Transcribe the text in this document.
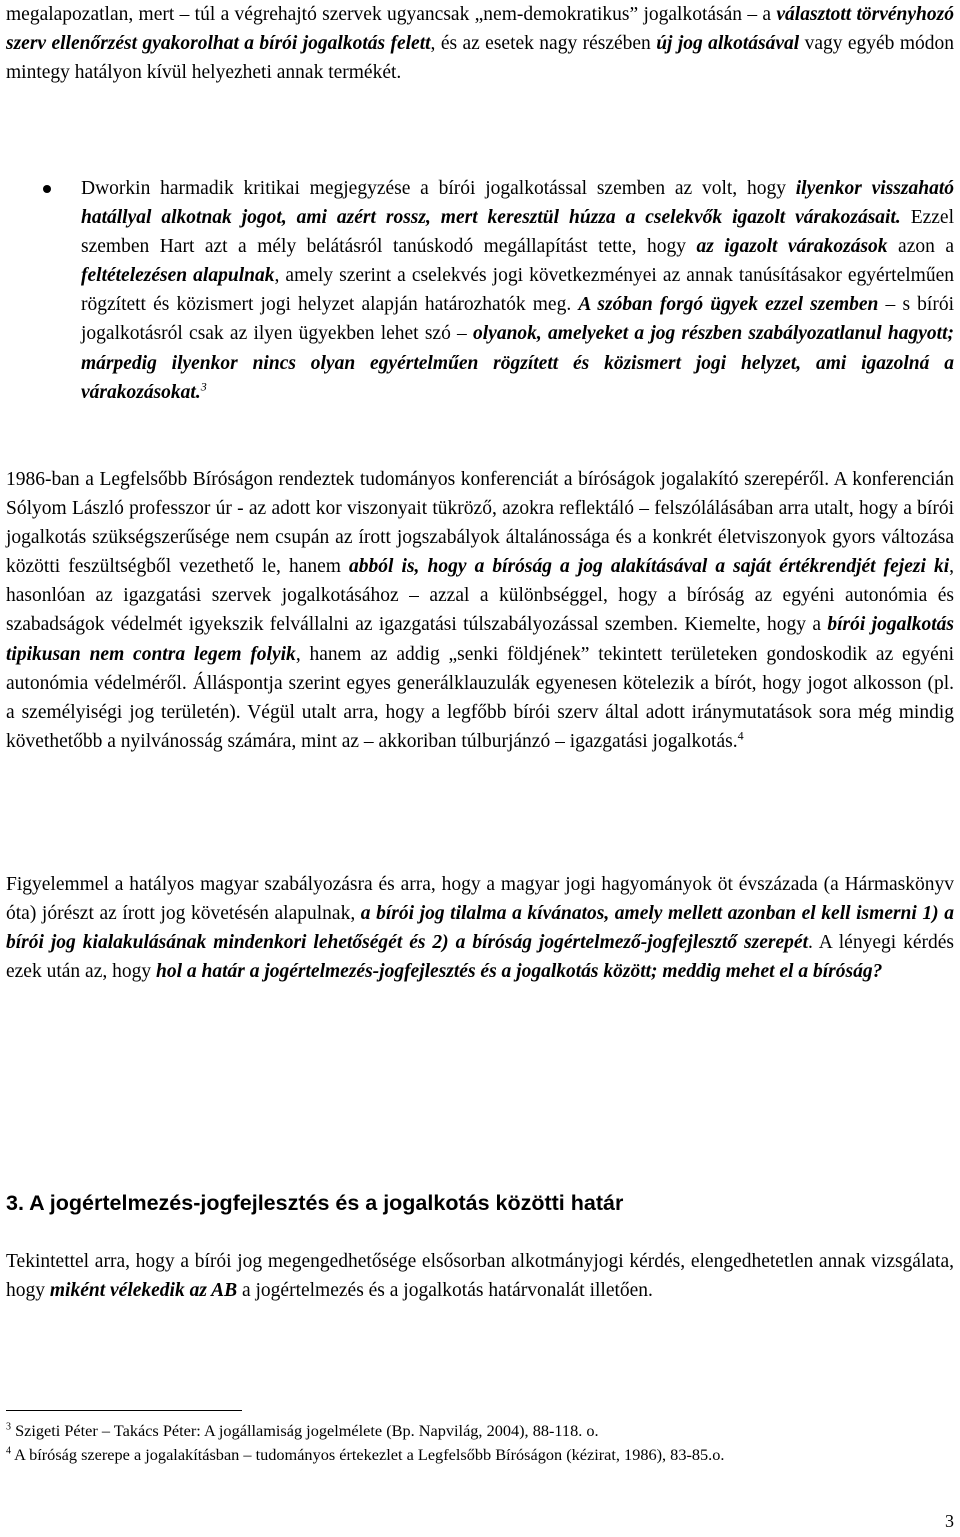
megalapozatlan, mert ‒ túl a végrehajtó szervek ugyancsak „nem-demokratikus” jogalkotásán ‒ a választott törvényhozó szerv ellenőrzést gyakorolhat a bírói jogalkotás felett, és az esetek nagy részében új jog alkotásával vagy egyéb módon mintegy hatályon kívül helyezheti annak termékét.

Dworkin harmadik kritikai megjegyzése a bírói jogalkotással szemben az volt, hogy ilyenkor visszaható hatállyal alkotnak jogot, ami azért rossz, mert keresztül húzza a cselekvők igazolt várakozásait. Ezzel szemben Hart azt a mély belátásról tanúskodó megállapítást tette, hogy az igazolt várakozások azon a feltételezésen alapulnak, amely szerint a cselekvés jogi következményei az annak tanúsításakor egyértelműen rögzített és közismert jogi helyzet alapján határozhatók meg. A szóban forgó ügyek ezzel szemben ‒ s bírói jogalkotásról csak az ilyen ügyekben lehet szó ‒ olyanok, amelyeket a jog részben szabályozatlanul hagyott; márpedig ilyenkor nincs olyan egyértelműen rögzített és közismert jogi helyzet, ami igazolná a várakozásokat.$^3$

1986-ban a Legfelsőbb Bíróságon rendeztek tudományos konferenciát a bíróságok jogalakító szerepéről. A konferencián Sólyom László professzor úr - az adott kor viszonyait tükröző, azokra reflektáló ‒ felszólálásában arra utalt, hogy a bírói jogalkotás szükségszerűsége nem csupán az írott jogszabályok általánossága és a konkrét életviszonyok gyors változása közötti feszültségből vezethető le, hanem abból is, hogy a bíróság a jog alakításával a saját értékrendjét fejezi ki, hasonlóan az igazgatási szervek jogalkotásához ‒ azzal a különbséggel, hogy a bíróság az egyéni autonómia és szabadságok védelmét igyekszik felvállalni az igazgatási túlszabályozással szemben. Kiemelte, hogy a bírói jogalkotás tipikusan nem contra legem folyik, hanem az addig „senki földjének” tekintett területeken gondoskodik az egyéni autonómia védelméről. Álláspontja szerint egyes generálklauzulák egyenesen kötelezik a bírót, hogy jogot alkosson (pl. a személyiségi jog területén). Végül utalt arra, hogy a legfőbb bírói szerv által adott iránymutatások sora még mindig követhetőbb a nyilvánosság számára, mint az ‒ akkoriban túlburjánzó ‒ igazgatási jogalkotás.$^4$

Figyelemmel a hatályos magyar szabályozásra és arra, hogy a magyar jogi hagyományok öt évszázada (a Hármaskönyv óta) jórészt az írott jog követésén alapulnak, a bírói jog tilalma a kívánatos, amely mellett azonban el kell ismerni 1) a bírói jog kialakulásának mindenkori lehetőségét és 2) a bíróság jogértelmező-jogfejlesztő szerepét. A lényegi kérdés ezek után az, hogy hol a határ a jogértelmezés-jogfejlesztés és a jogalkotás között; meddig mehet el a bíróság?

3. A jogértelmezés-jogfejlesztés és a jogalkotás közötti határ

Tekintettel arra, hogy a bírói jog megengedhetősége elsősorban alkotmányjogi kérdés, elengedhetetlen annak vizsgálata, hogy miként vélekedik az AB a jogértelmezés és a jogalkotás határvonalát illetően.

$^3$ Szigeti Péter ‒ Takács Péter: A jogállamiság jogelmélete (Bp. Napvilág, 2004), 88-118. o.

$^4$ A bíróság szerepe a jogalakításban ‒ tudományos értekezlet a Legfelsőbb Bíróságon (kézirat, 1986), 83-85.o.

3
